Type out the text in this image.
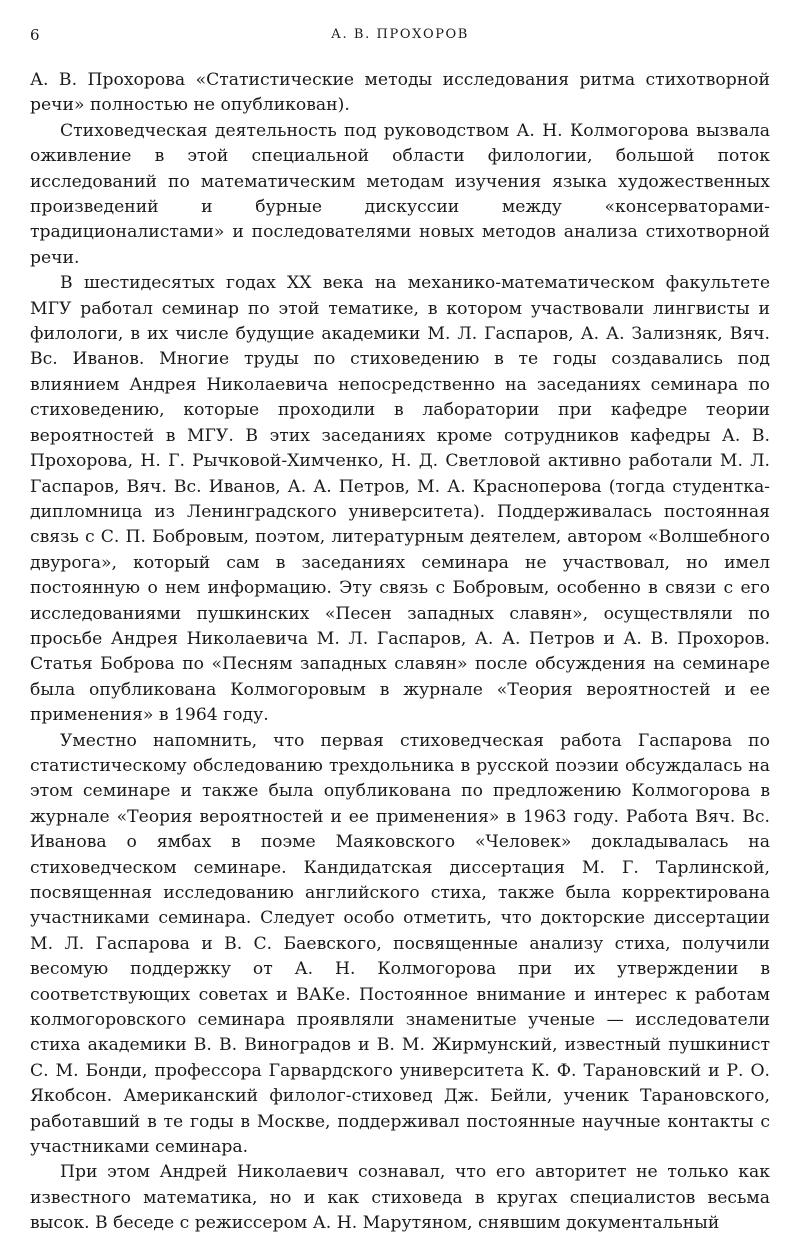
6	А. В. ПРОХОРОВ

А. В. Прохорова «Статистические методы исследования ритма стихотворной речи» полностью не опубликован).

Стиховедческая деятельность под руководством А. Н. Колмогорова вызвала оживление в этой специальной области филологии, большой поток исследований по математическим методам изучения языка художественных произведений и бурные дискуссии между «консерваторами-традиционалистами» и последователями новых методов анализа стихотворной речи.

В шестидесятых годах XX века на механико-математическом факультете МГУ работал семинар по этой тематике, в котором участвовали лингвисты и филологи, в их числе будущие академики М. Л. Гаспаров, А. А. Зализняк, Вяч. Вс. Иванов. Многие труды по стиховедению в те годы создавались под влиянием Андрея Николаевича непосредственно на заседаниях семинара по стиховедению, которые проходили в лаборатории при кафедре теории вероятностей в МГУ. В этих заседаниях кроме сотрудников кафедры А. В. Прохорова, Н. Г. Рычковой-Химченко, Н. Д. Светловой активно работали М. Л. Гаспаров, Вяч. Вс. Иванов, А. А. Петров, М. А. Красноперова (тогда студентка-дипломница из Ленинградского университета). Поддерживалась постоянная связь с С. П. Бобровым, поэтом, литературным деятелем, автором «Волшебного двурога», который сам в заседаниях семинара не участвовал, но имел постоянную о нем информацию. Эту связь с Бобровым, особенно в связи с его исследованиями пушкинских «Песен западных славян», осуществляли по просьбе Андрея Николаевича М. Л. Гаспаров, А. А. Петров и А. В. Прохоров. Статья Боброва по «Песням западных славян» после обсуждения на семинаре была опубликована Колмогоровым в журнале «Теория вероятностей и ее применения» в 1964 году.

Уместно напомнить, что первая стиховедческая работа Гаспарова по статистическому обследованию трехдольника в русской поэзии обсуждалась на этом семинаре и также была опубликована по предложению Колмогорова в журнале «Теория вероятностей и ее применения» в 1963 году. Работа Вяч. Вс. Иванова о ямбах в поэме Маяковского «Человек» докладывалась на стиховедческом семинаре. Кандидатская диссертация М. Г. Тарлинской, посвященная исследованию английского стиха, также была корректирована участниками семинара. Следует особо отметить, что докторские диссертации М. Л. Гаспарова и В. С. Баевского, посвященные анализу стиха, получили весомую поддержку от А. Н. Колмогорова при их утверждении в соответствующих советах и ВАКе. Постоянное внимание и интерес к работам колмогоровского семинара проявляли знаменитые ученые — исследователи стиха академики В. В. Виноградов и В. М. Жирмунский, известный пушкинист С. М. Бонди, профессора Гарвардского университета К. Ф. Тарановский и Р. О. Якобсон. Американский филолог-стиховед Дж. Бейли, ученик Тарановского, работавший в те годы в Москве, поддерживал постоянные научные контакты с участниками семинара.

При этом Андрей Николаевич сознавал, что его авторитет не только как известного математика, но и как стиховеда в кругах специалистов весьма высок. В беседе с режиссером А. Н. Марутяном, снявшим документальный
